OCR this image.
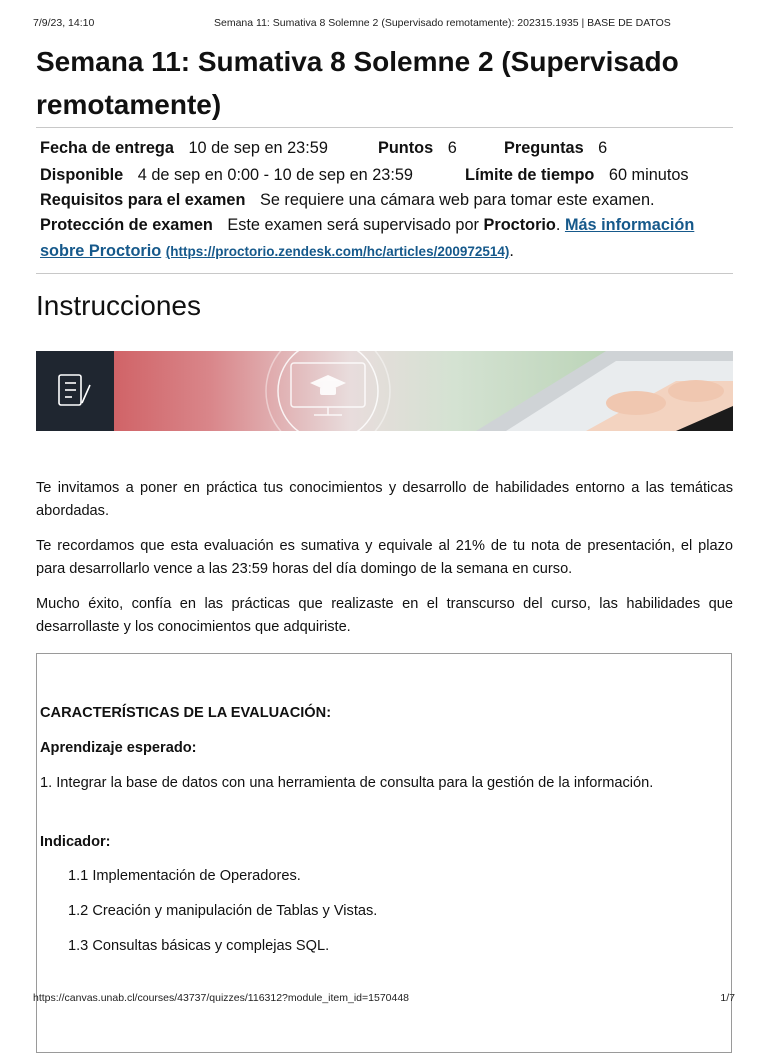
7/9/23, 14:10	Semana 11: Sumativa 8 Solemne 2 (Supervisado remotamente): 202315.1935 | BASE DE DATOS
Semana 11: Sumativa 8 Solemne 2 (Supervisado remotamente)
Fecha de entrega 10 de sep en 23:59	Puntos 6	Preguntas 6
Disponible 4 de sep en 0:00 - 10 de sep en 23:59	Límite de tiempo 60 minutos
Requisitos para el examen Se requiere una cámara web para tomar este examen.
Protección de examen Este examen será supervisado por Proctorio. Más información
sobre Proctorio (https://proctorio.zendesk.com/hc/articles/200972514).
Instrucciones

Te invitamos a poner en práctica tus conocimientos y desarrollo de habilidades entorno a las temáticas abordadas.

Te recordamos que esta evaluación es sumativa y equivale al 21% de tu nota de presentación, el plazo para desarrollarlo vence a las 23:59 horas del día domingo de la semana en curso.

Mucho éxito, confía en las prácticas que realizaste en el transcurso del curso, las habilidades que desarrollaste y los conocimientos que adquiriste.

CARACTERÍSTICAS DE LA EVALUACIÓN:
Aprendizaje esperado:
1. Integrar la base de datos con una herramienta de consulta para la gestión de la información.
Indicador:
1.1 Implementación de Operadores.
1.2 Creación y manipulación de Tablas y Vistas.
1.3 Consultas básicas y complejas SQL.
https://canvas.unab.cl/courses/43737/quizzes/116312?module_item_id=1570448	1/7
